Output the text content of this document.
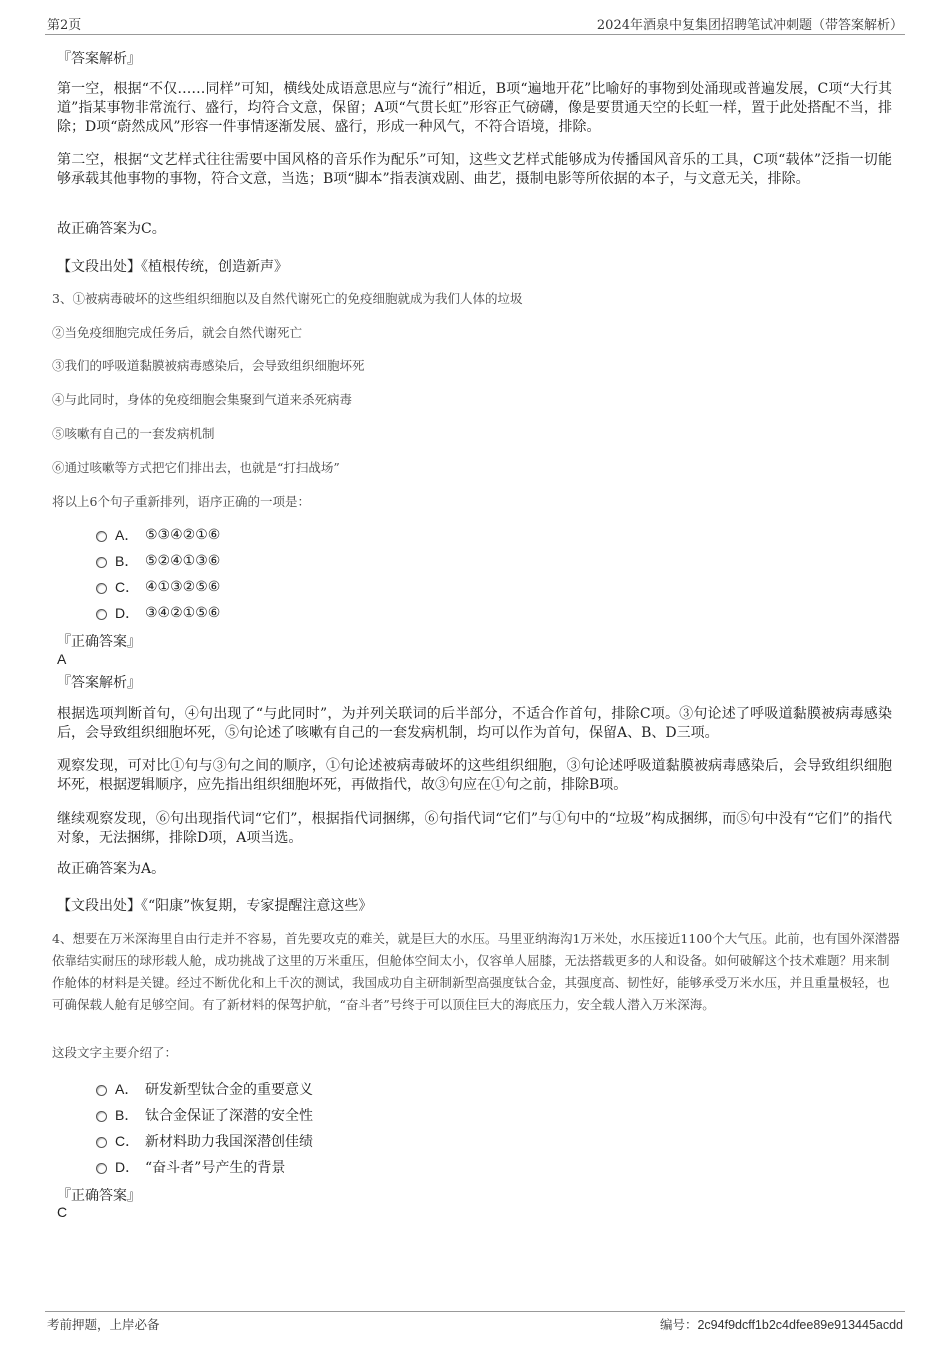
第2页	2024年酒泉中复集团招聘笔试冲刺题（带答案解析）
『答案解析』
第一空，根据“不仅……同样”可知，横线处成语意思应与“流行”相近，B项“遍地开花”比喻好的事物到处涌现或普遍发展，C项“大行其道”指某事物非常流行、盛行，均符合文意，保留；A项“气贯长虹”形容正气磅礴，像是要贯通天空的长虹一样，置于此处搭配不当，排除；D项“蔚然成风”形容一件事情逐渐发展、盛行，形成一种风气，不符合语境，排除。
第二空，根据“文艺样式往往需要中国风格的音乐作为配乐”可知，这些文艺样式能够成为传播国风音乐的工具，C项“载体”泛指一切能够承载其他事物的事物，符合文意，当选；B项“脚本”指表演戏剧、曲艺，摄制电影等所依据的本子，与文意无关，排除。
故正确答案为C。
【文段出处】《植根传统，创造新声》
3、①被病毒破坏的这些组织细胞以及自然代谢死亡的免疫细胞就成为我们人体的垃圾
②当免疫细胞完成任务后，就会自然代谢死亡
③我们的呼吸道黏膜被病毒感染后，会导致组织细胞坏死
④与此同时，身体的免疫细胞会集聚到气道来杀死病毒
⑤咳嗽有自己的一套发病机制
⑥通过咳嗽等方式把它们排出去，也就是“打扫战场”
将以上6个句子重新排列，语序正确的一项是：
A． ⑤③④②①⑥
B． ⑤②④①③⑥
C． ④①③②⑤⑥
D． ③④②①⑤⑥
『正确答案』
A
『答案解析』
根据选项判断首句，④句出现了“与此同时”，为并列关联词的后半部分，不适合作首句，排除C项。③句论述了呼吸道黏膜被病毒感染后，会导致组织细胞坏死，⑤句论述了咳嗽有自己的一套发病机制，均可以作为首句，保留A、B、D三项。
观察发现，可对比①句与③句之间的顺序，①句论述被病毒破坏的这些组织细胞，③句论述呼吸道黏膜被病毒感染后，会导致组织细胞坏死，根据逻辑顺序，应先指出组织细胞坏死，再做指代，故③句应在①句之前，排除B项。
继续观察发现，⑥句出现指代词“它们”，根据指代词捆绑，⑥句指代词“它们”与①句中的“垃圾”构成捆绑，而⑤句中没有“它们”的指代对象，无法捆绑，排除D项，A项当选。
故正确答案为A。
【文段出处】《“阳康”恢复期，专家提醒注意这些》
4、想要在万米深海里自由行走并不容易，首先要攻克的难关，就是巨大的水压。马里亚纳海沟1万米处，水压接近1100个大气压。此前，也有国外深潜器依靠结实耐压的球形载人舱，成功挑战了这里的万米重压，但舱体空间太小，仅容单人屈膝，无法搭载更多的人和设备。如何破解这个技术难题？用来制作舱体的材料是关键。经过不断优化和上千次的测试，我国成功自主研制新型高强度钛合金，其强度高、韧性好，能够承受万米水压，并且重量极轻，也可确保载人舱有足够空间。有了新材料的保驾护航，“奋斗者”号终于可以顶住巨大的海底压力，安全载人潜入万米深海。
这段文字主要介绍了：
A． 研发新型钛合金的重要意义
B． 钛合金保证了深潜的安全性
C． 新材料助力我国深潜创佳绩
D． “奋斗者”号产生的背景
『正确答案』
C
考前押题，上岸必备	编号：2c94f9dcff1b2c4dfee89e913445acdd
